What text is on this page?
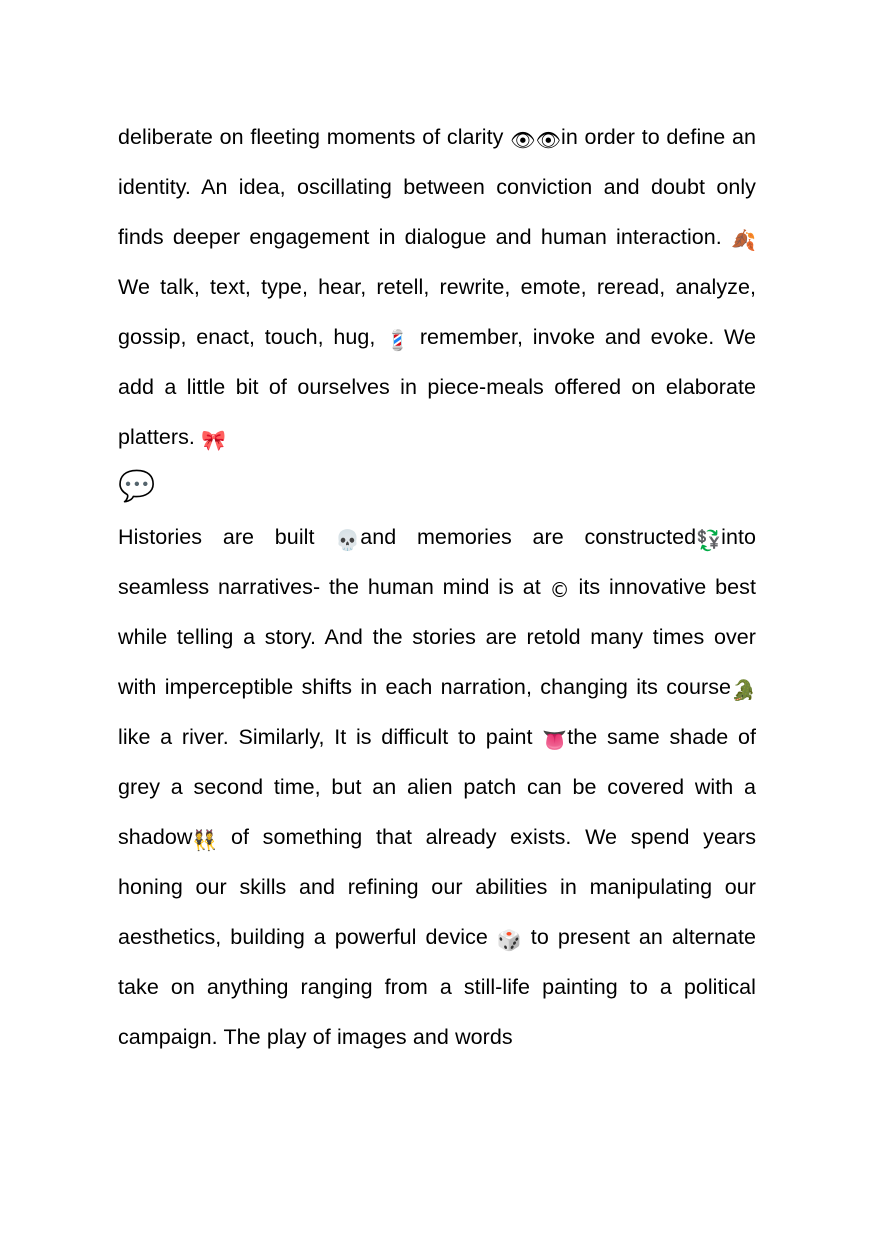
deliberate on fleeting moments of clarity 👁👁in order to define an identity. An idea, oscillating between conviction and doubt only finds deeper engagement in dialogue and human interaction. 🍂 We talk, text, type, hear, retell, rewrite, emote, reread, analyze, gossip, enact, touch, hug, 💈 remember, invoke and evoke. We add a little bit of ourselves in piece-meals offered on elaborate platters. 🎀

💬

Histories are built 💀and memories are constructed💱into seamless narratives- the human mind is at © its innovative best while telling a story. And the stories are retold many times over with imperceptible shifts in each narration, changing its course🐊 like a river. Similarly, It is difficult to paint 👅the same shade of grey a second time, but an alien patch can be covered with a shadow👯 of something that already exists. We spend years honing our skills and refining our abilities in manipulating our aesthetics, building a powerful device 🎲 to present an alternate take on anything ranging from a still-life painting to a political campaign. The play of images and words
